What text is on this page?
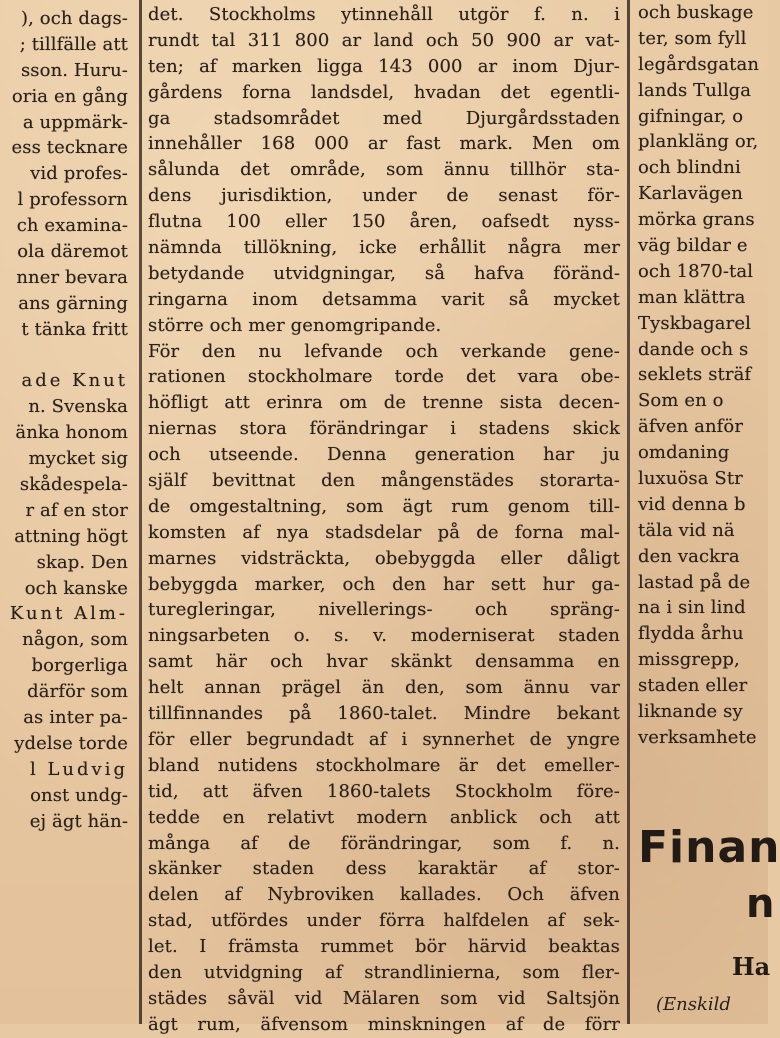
), och dags-
; tillfälle att
sson. Huru-
oria en gång
a uppmärk-
ess tecknare
vid profes-
l professorn
ch examina-
ola däremot
nner bevara
ans gärning
t tänka fritt
ade Knut
n. Svenska
änka honom
mycket sig
skådespela-
r af en stor
attning högt
skap. Den
och kanske
Kunt Alm-
någon, som
borgerliga
därför som
as inter pa-
ydelse torde
l Ludvig
onst undg-
ej ägt hän-
det. Stockholms ytinnehåll utgör f. n. i
rundt tal 311 800 ar land och 50 900 ar vat-
ten; af marken ligga 143 000 ar inom Djur-
gårdens forna landsdel, hvadan det egentli-
ga stadsområdet med Djurgårdsstaden
innehåller 168 000 ar fast mark. Men om
sålunda det område, som ännu tillhör sta-
dens jurisdiktion, under de senast för-
flutna 100 eller 150 åren, oafsedt nyss-
nämnda tillökning, icke erhållit några mer
betydande utvidgningar, så hafva föränd-
ringarna inom detsamma varit så mycket
större och mer genomgripande.
För den nu lefvande och verkande gene-
rationen stockholmare torde det vara obe-
höfligt att erinra om de trenne sista decen-
niernas stora förändringar i stadens skick
och utseende. Denna generation har ju
själf bevittnat den mångenstädes storarta-
de omgestaltning, som ägt rum genom till-
komsten af nya stadsdelar på de forna mal-
marnes vidsträckta, obebyggda eller dåligt
bebyggda marker, och den har sett hur ga-
turegleringar, nivellerings- och spräng-
ningsarbeten o. s. v. moderniserat staden
samt här och hvar skänkt densamma en
helt annan prägel än den, som ännu var
tillfinnandes på 1860-talet. Mindre bekant
för eller begrundadt af i synnerhet de yngre
bland nutidens stockholmare är det emeller-
tid, att äfven 1860-talets Stockholm före-
tedde en relativt modern anblick och att
många af de förändringar, som f. n.
skänker staden dess karaktär af stor-
delen af Nybroviken kallades. Och äfven
stad, utfördes under förra halfdelen af sek-
let. I främsta rummet bör härvid beaktas
den utvidgning af strandlinierna, som fler-
städes såväl vid Mälaren som vid Saltsjön
ägt rum, äfvensom minskningen af de förr
och buskage
ter, som fyll
legårdsgatan
lands Tullga
gifningar, o
plankläng or,
och blindni
Karlavägen
mörka grans
väg bildar e
och 1870-tal
man klättra
Tyskbagarel
dande och s
seklets sträf
Som en o
äfven anför
omdaning
luxuösa Str
vid denna b
täla vid nä
den vackra
lastad på de
na i sin lind
flydda århu
missgrepp,
staden eller
liknande sy
verksamhete
Finan
n
Ha
(Enskild
